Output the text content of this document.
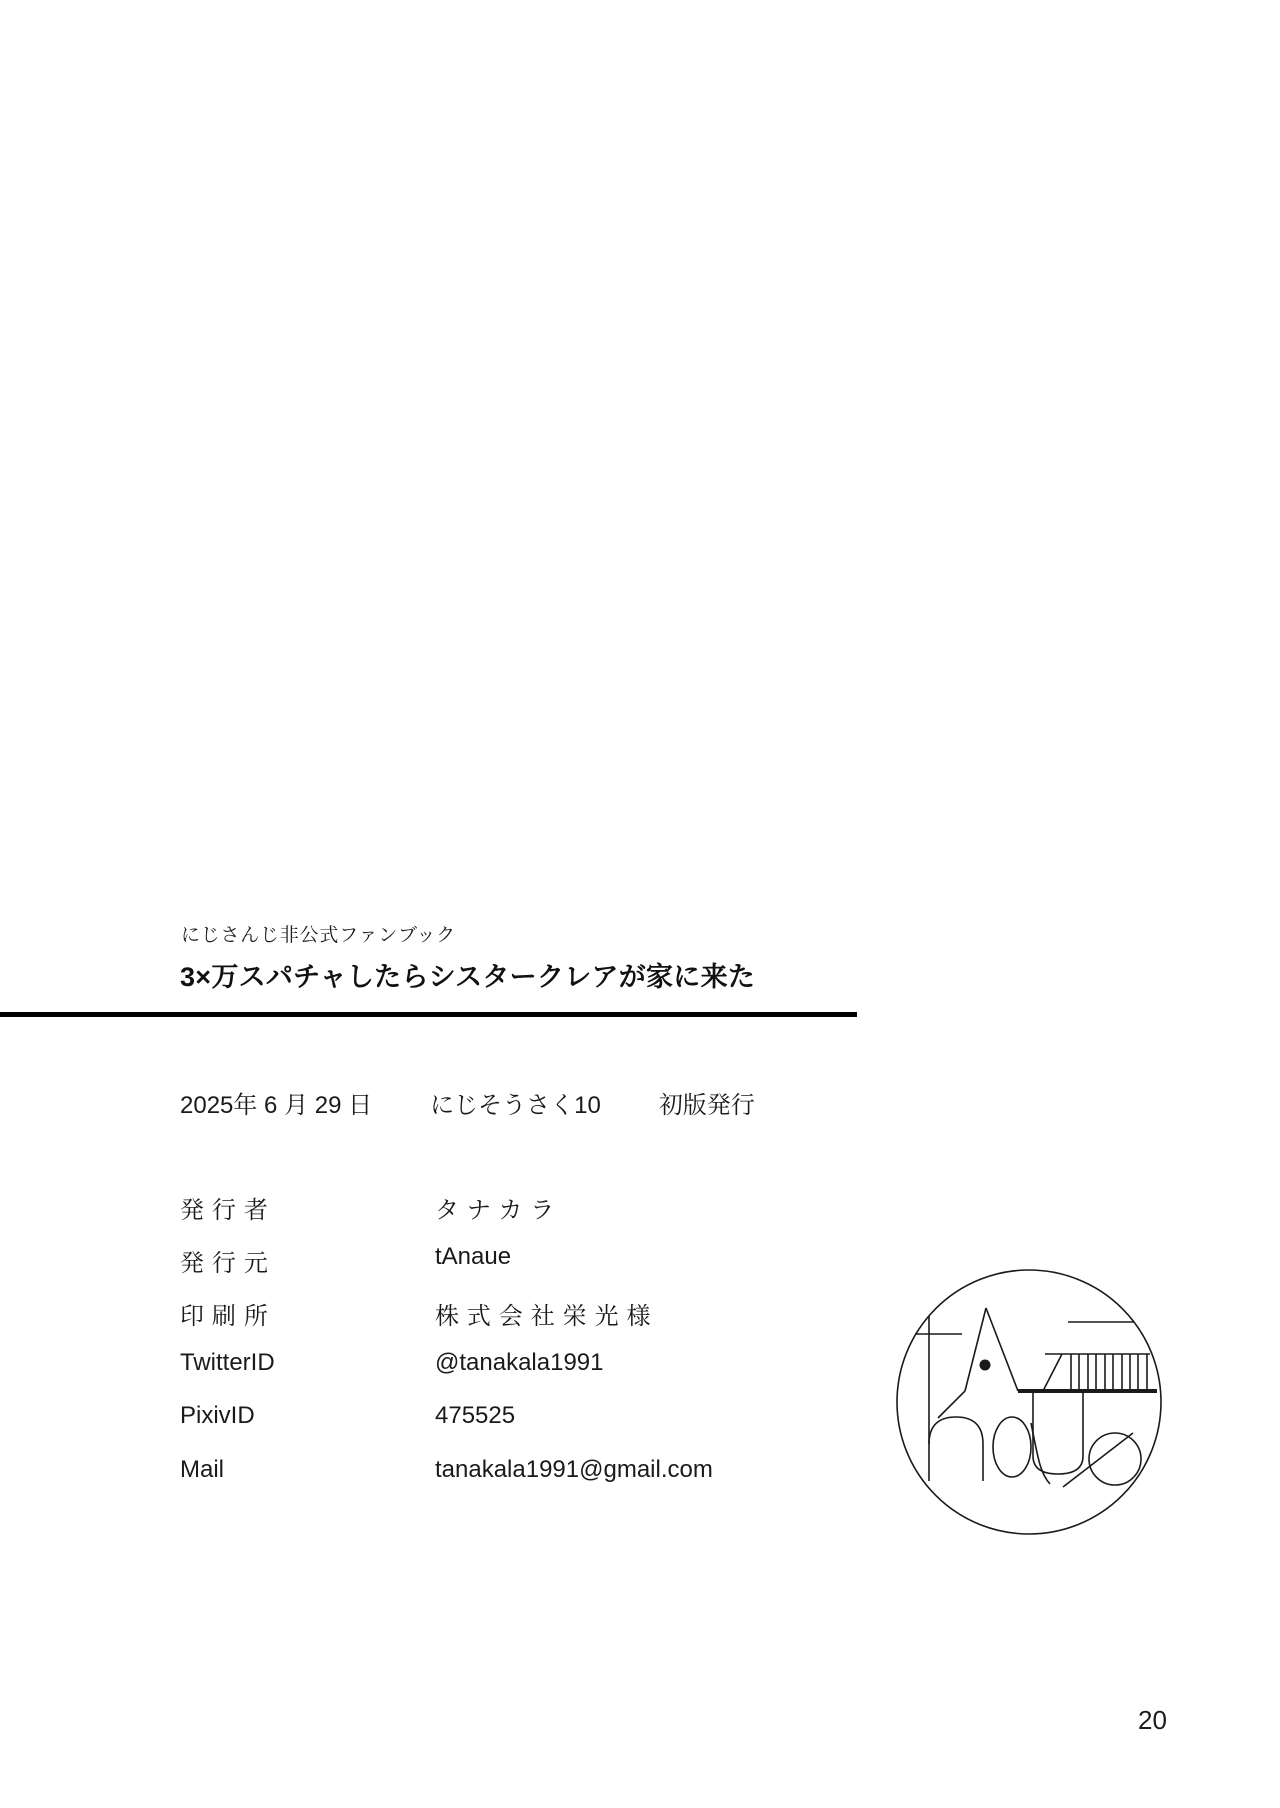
にじさんじ非公式ファンブック
3×万スパチャしたらシスタークレアが家に来た
2025年 6 月 29 日 にじそうさく10 初版発行
発行者	タナカラ
発行元	tAnaue
印刷所	株式会社栄光様
TwitterID	@tanakala1991
PixivID	475525
Mail	tanakala1991@gmail.com
20
